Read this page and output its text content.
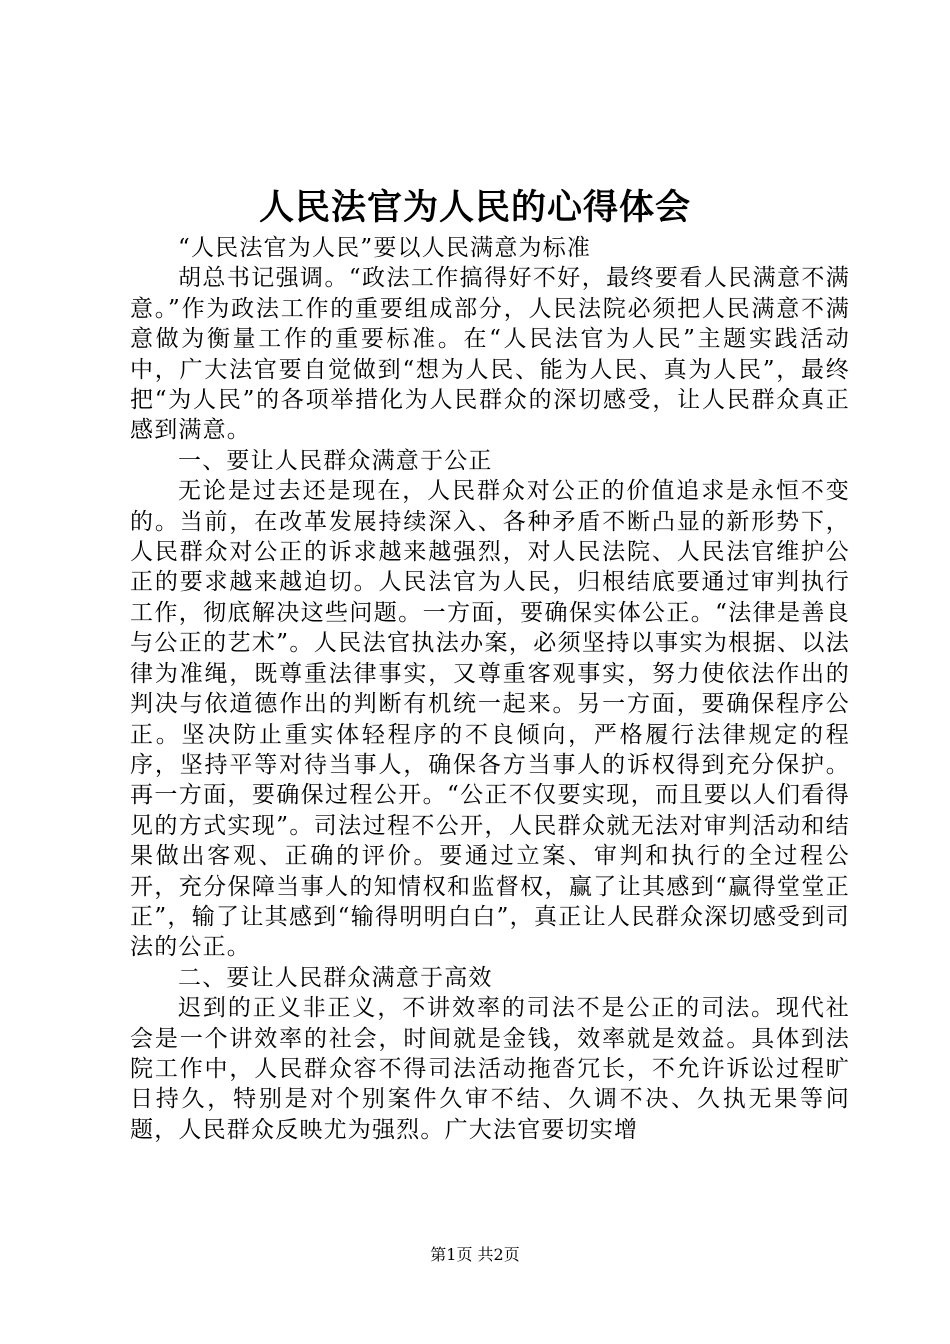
人民法官为人民的心得体会

“人民法官为人民”要以人民满意为标准

胡总书记强调。“政法工作搞得好不好，最终要看人民满意不满意。”作为政法工作的重要组成部分，人民法院必须把人民满意不满意做为衡量工作的重要标准。在“人民法官为人民”主题实践活动中，广大法官要自觉做到“想为人民、能为人民、真为人民”，最终把“为人民”的各项举措化为人民群众的深切感受，让人民群众真正感到满意。

一、要让人民群众满意于公正

无论是过去还是现在，人民群众对公正的价值追求是永恒不变的。当前，在改革发展持续深入、各种矛盾不断凸显的新形势下，人民群众对公正的诉求越来越强烈，对人民法院、人民法官维护公正的要求越来越迫切。人民法官为人民，归根结底要通过审判执行工作，彻底解决这些问题。一方面，要确保实体公正。“法律是善良与公正的艺术”。人民法官执法办案，必须坚持以事实为根据、以法律为准绳，既尊重法律事实，又尊重客观事实，努力使依法作出的判决与依道德作出的判断有机统一起来。另一方面，要确保程序公正。坚决防止重实体轻程序的不良倾向，严格履行法律规定的程序，坚持平等对待当事人，确保各方当事人的诉权得到充分保护。再一方面，要确保过程公开。“公正不仅要实现，而且要以人们看得见的方式实现”。司法过程不公开，人民群众就无法对审判活动和结果做出客观、正确的评价。要通过立案、审判和执行的全过程公开，充分保障当事人的知情权和监督权，赢了让其感到“赢得堂堂正正”，输了让其感到“输得明明白白”，真正让人民群众深切感受到司法的公正。

二、要让人民群众满意于高效

迟到的正义非正义，不讲效率的司法不是公正的司法。现代社会是一个讲效率的社会，时间就是金钱，效率就是效益。具体到法院工作中，人民群众容不得司法活动拖沓冗长，不允许诉讼过程旷日持久，特别是对个别案件久审不结、久调不决、久执无果等问题，人民群众反映尤为强烈。广大法官要切实增

第1页 共2页
